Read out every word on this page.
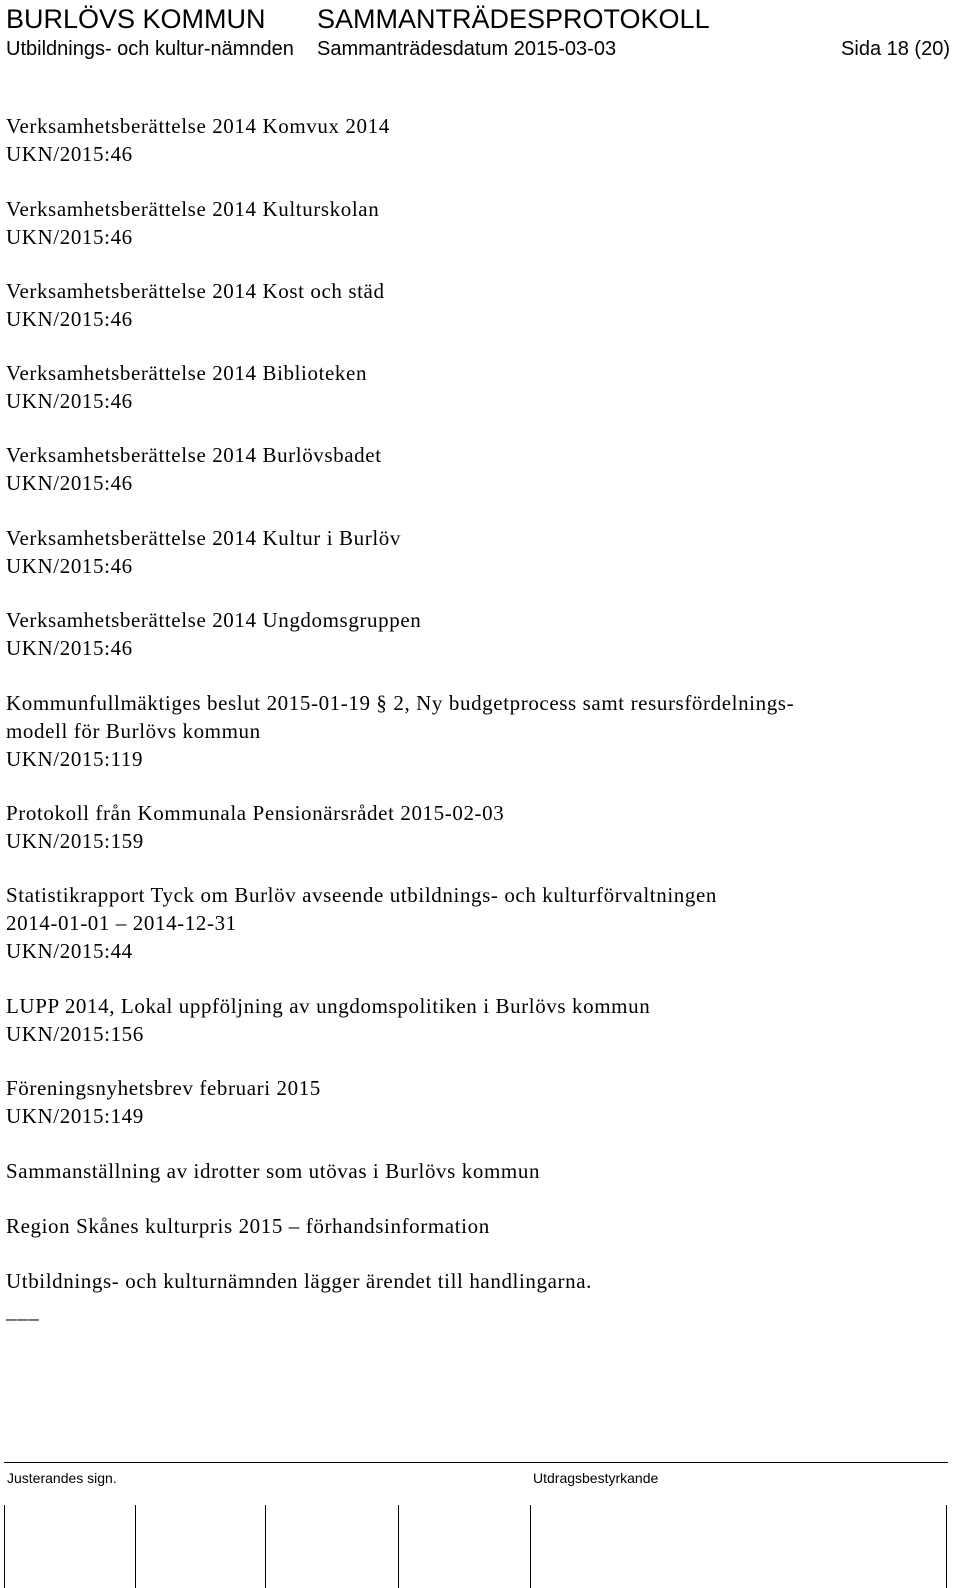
BURLÖVS KOMMUN SAMMANTRÄDESPROTOKOLL
Utbildnings- och kultur-nämnden Sammanträdesdatum 2015-03-03	Sida 18 (20)
Verksamhetsberättelse 2014 Komvux 2014
UKN/2015:46
Verksamhetsberättelse 2014 Kulturskolan
UKN/2015:46
Verksamhetsberättelse 2014 Kost och städ
UKN/2015:46
Verksamhetsberättelse 2014 Biblioteken
UKN/2015:46
Verksamhetsberättelse 2014 Burlövsbadet
UKN/2015:46
Verksamhetsberättelse 2014 Kultur i Burlöv
UKN/2015:46
Verksamhetsberättelse 2014 Ungdomsgruppen
UKN/2015:46
Kommunfullmäktiges beslut 2015-01-19 § 2, Ny budgetprocess samt resursfördelnings-
modell för Burlövs kommun
UKN/2015:119
Protokoll från Kommunala Pensionärsrådet 2015-02-03
UKN/2015:159
Statistikrapport Tyck om Burlöv avseende utbildnings- och kulturförvaltningen
2014-01-01 – 2014-12-31
UKN/2015:44
LUPP 2014, Lokal uppföljning av ungdomspolitiken i Burlövs kommun
UKN/2015:156
Föreningsnyhetsbrev februari 2015
UKN/2015:149
Sammanställning av idrotter som utövas i Burlövs kommun
Region Skånes kulturpris 2015 – förhandsinformation
Utbildnings- och kulturnämnden lägger ärendet till handlingarna.
___
Justerandes sign.	Utdragsbestyrkande
